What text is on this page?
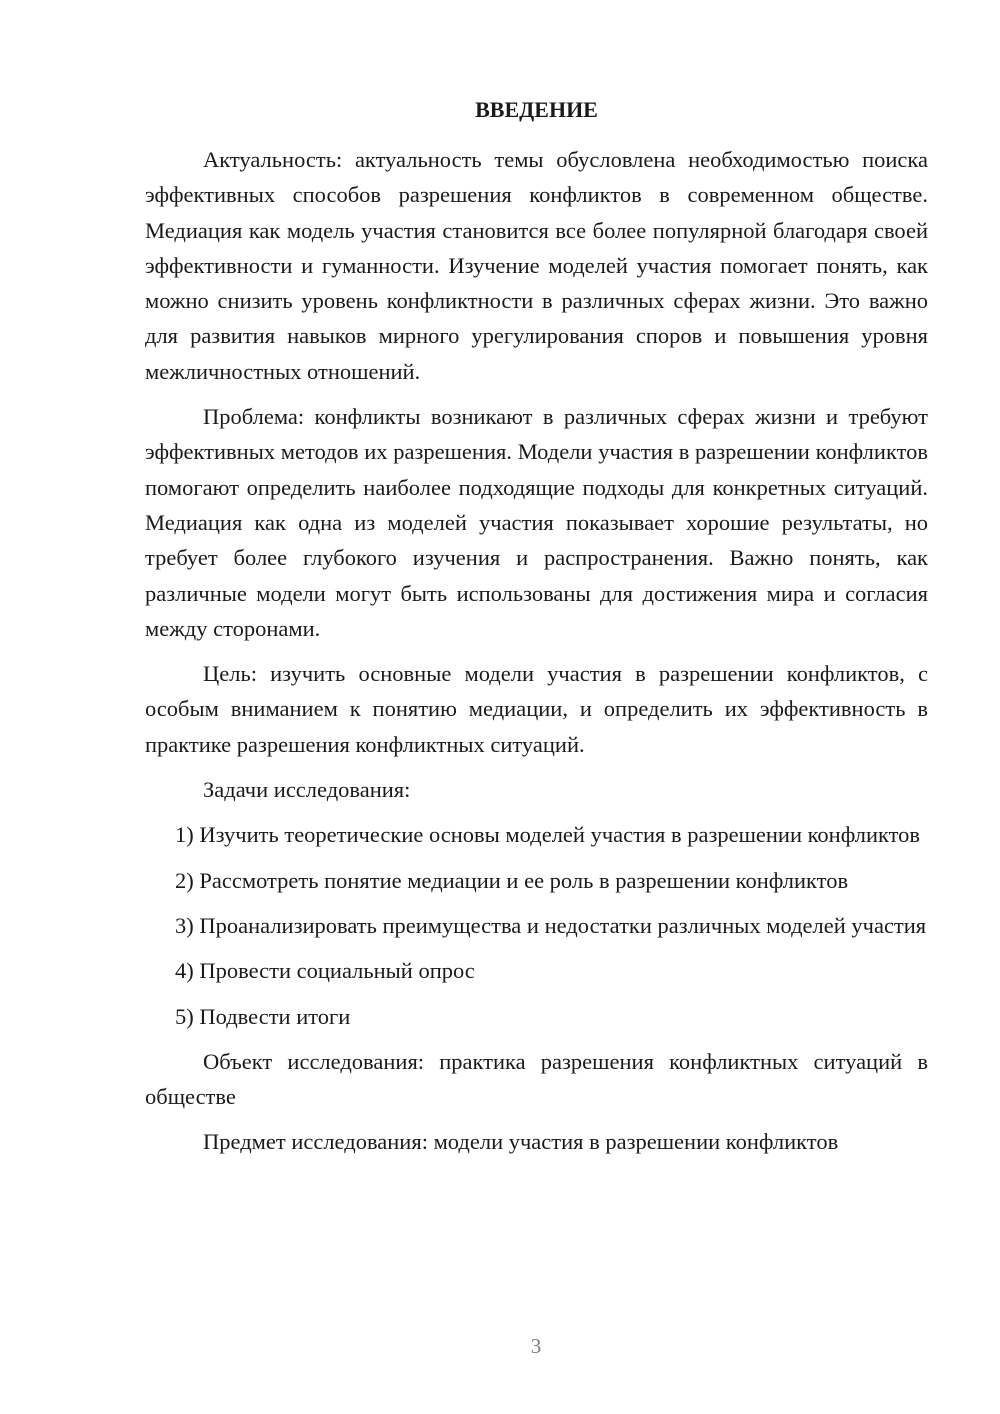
ВВЕДЕНИЕ

Актуальность: актуальность темы обусловлена необходимостью поиска эффективных способов разрешения конфликтов в современном обществе. Медиация как модель участия становится все более популярной благодаря своей эффективности и гуманности. Изучение моделей участия помогает понять, как можно снизить уровень конфликтности в различных сферах жизни. Это важно для развития навыков мирного урегулирования споров и повышения уровня межличностных отношений.

Проблема: конфликты возникают в различных сферах жизни и требуют эффективных методов их разрешения. Модели участия в разрешении конфликтов помогают определить наиболее подходящие подходы для конкретных ситуаций. Медиация как одна из моделей участия показывает хорошие результаты, но требует более глубокого изучения и распространения. Важно понять, как различные модели могут быть использованы для достижения мира и согласия между сторонами.

Цель: изучить основные модели участия в разрешении конфликтов, с особым вниманием к понятию медиации, и определить их эффективность в практике разрешения конфликтных ситуаций.

Задачи исследования:

1) Изучить теоретические основы моделей участия в разрешении конфликтов

2) Рассмотреть понятие медиации и ее роль в разрешении конфликтов

3) Проанализировать преимущества и недостатки различных моделей участия

4) Провести социальный опрос

5) Подвести итоги

Объект исследования: практика разрешения конфликтных ситуаций в обществе

Предмет исследования: модели участия в разрешении конфликтов

3
